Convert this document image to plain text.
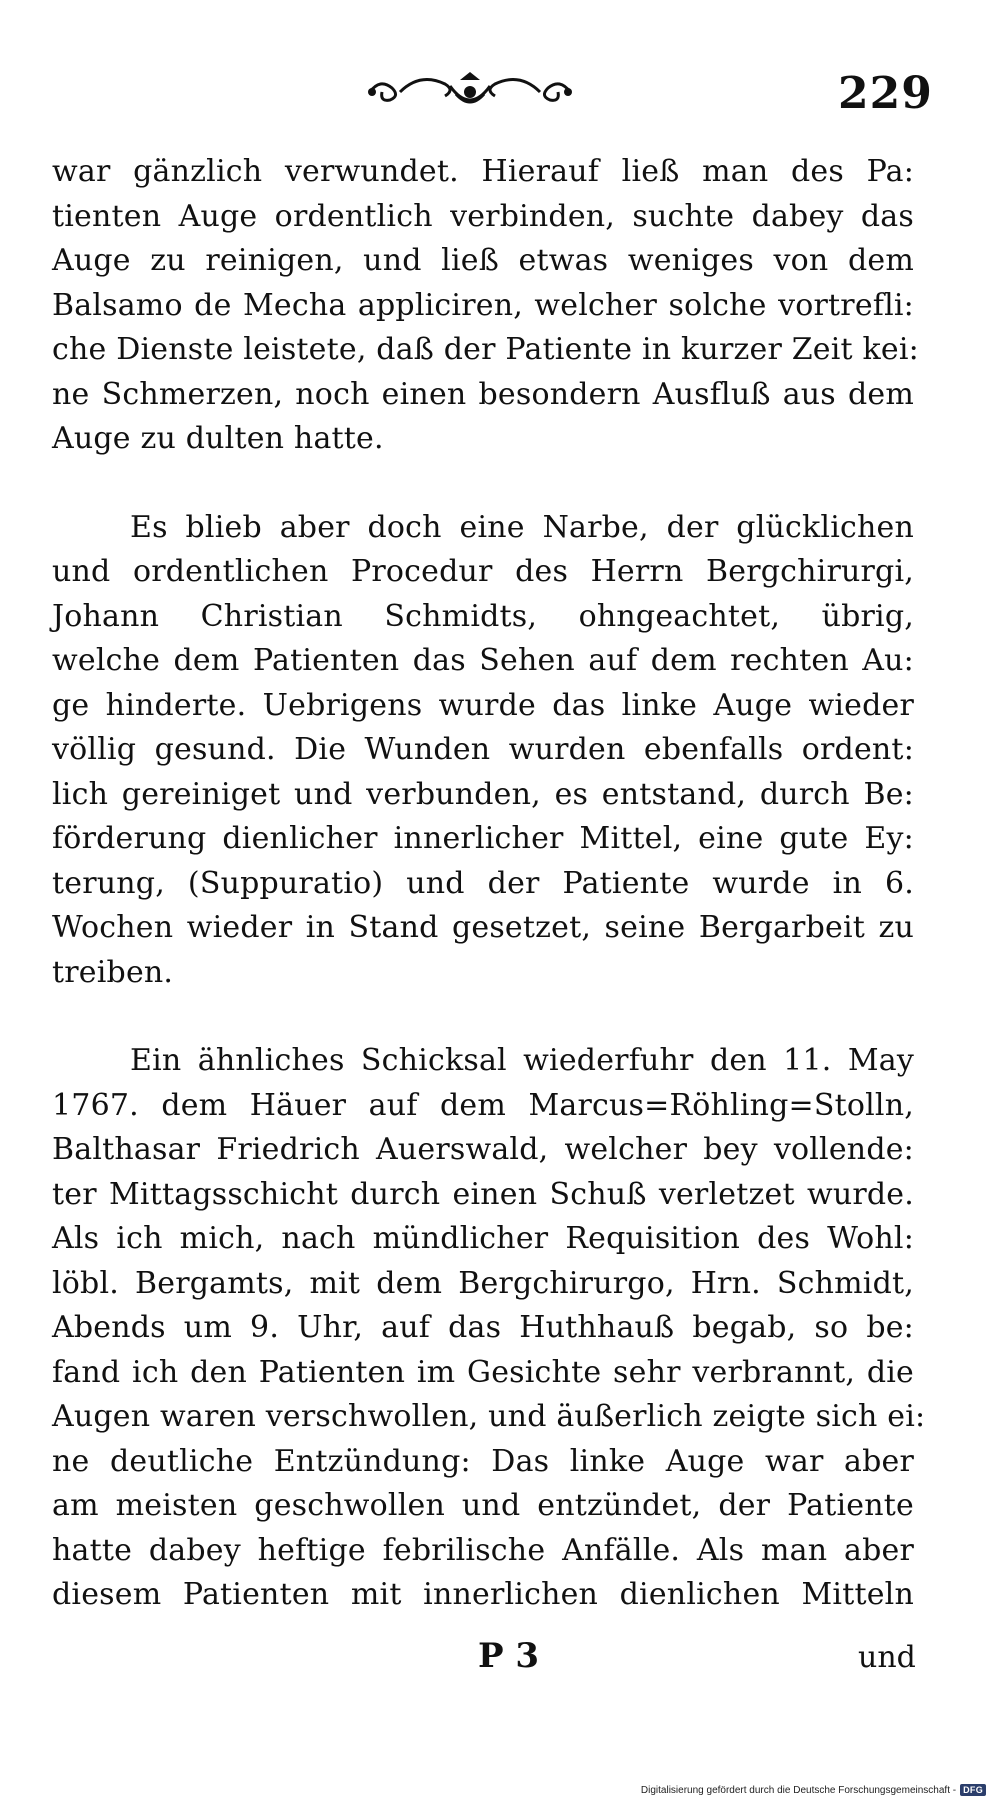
229
war gänzlich verwundet. Hierauf ließ man des Pa:
tienten Auge ordentlich verbinden, suchte dabey das
Auge zu reinigen, und ließ etwas weniges von dem
Balsamo de Mecha appliciren, welcher solche vortrefli:
che Dienste leistete, daß der Patiente in kurzer Zeit kei:
ne Schmerzen, noch einen besondern Ausfluß aus dem
Auge zu dulten hatte.
Es blieb aber doch eine Narbe, der glücklichen
und ordentlichen Procedur des Herrn Bergchirurgi,
Johann Christian Schmidts, ohngeachtet, übrig,
welche dem Patienten das Sehen auf dem rechten Au:
ge hinderte. Uebrigens wurde das linke Auge wieder
völlig gesund. Die Wunden wurden ebenfalls ordent:
lich gereiniget und verbunden, es entstand, durch Be:
förderung dienlicher innerlicher Mittel, eine gute Ey:
terung, (Suppuratio) und der Patiente wurde in 6.
Wochen wieder in Stand gesetzet, seine Bergarbeit zu
treiben.
Ein ähnliches Schicksal wiederfuhr den 11. May
1767. dem Häuer auf dem Marcus=Röhling=Stolln,
Balthasar Friedrich Auerswald, welcher bey vollende:
ter Mittagsschicht durch einen Schuß verletzet wurde.
Als ich mich, nach mündlicher Requisition des Wohl:
löbl. Bergamts, mit dem Bergchirurgo, Hrn. Schmidt,
Abends um 9. Uhr, auf das Huthhauß begab, so be:
fand ich den Patienten im Gesichte sehr verbrannt, die
Augen waren verschwollen, und äußerlich zeigte sich ei:
ne deutliche Entzündung: Das linke Auge war aber
am meisten geschwollen und entzündet, der Patiente
hatte dabey heftige febrilische Anfälle. Als man aber
diesem Patienten mit innerlichen dienlichen Mitteln
P 3	und
Digitalisierung gefördert durch die Deutsche Forschungsgemeinschaft - DFG
